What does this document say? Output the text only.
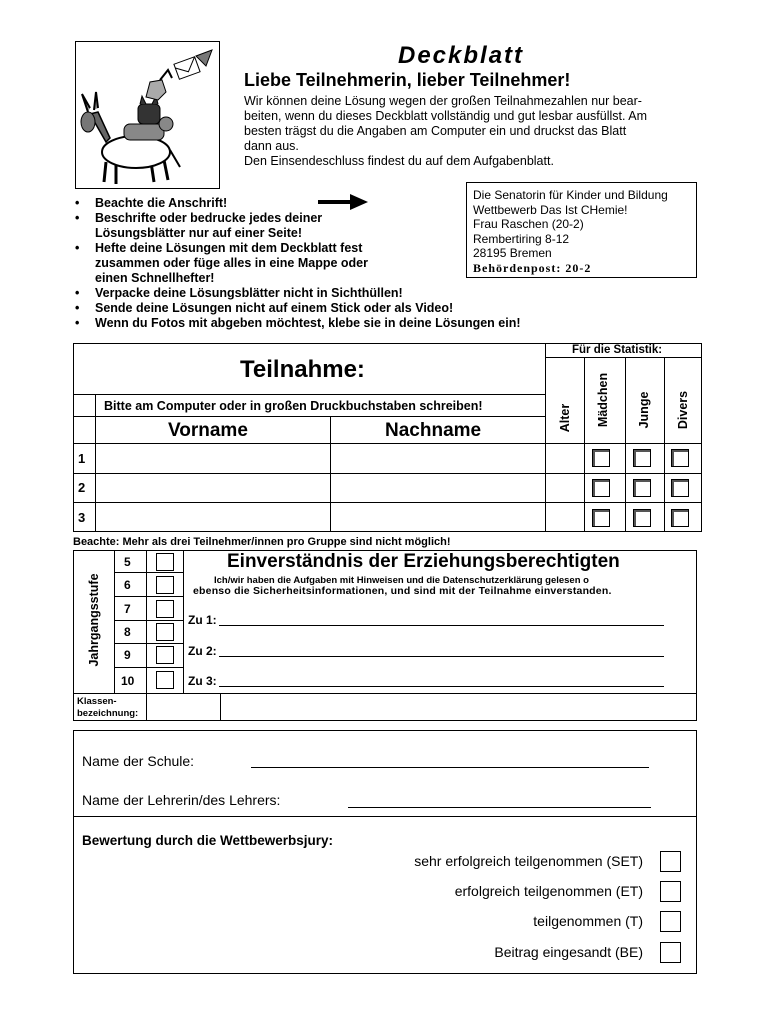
Deckblatt
Liebe Teilnehmerin, lieber Teilnehmer!
Wir können deine Lösung wegen der großen Teilnahmezahlen nur bear-
beiten, wenn du dieses Deckblatt vollständig und gut lesbar ausfüllst. Am
besten trägst du die Angaben am Computer ein und druckst das Blatt
dann aus.
Den Einsendeschluss findest du auf dem Aufgabenblatt.
• Beachte die Anschrift!
• Beschrifte oder bedrucke jedes deiner
Lösungsblätter nur auf einer Seite!
• Hefte deine Lösungen mit dem Deckblatt fest
zusammen oder füge alles in eine Mappe oder
einen Schnellhefter!
• Verpacke deine Lösungsblätter nicht in Sichthüllen!
• Sende deine Lösungen nicht auf einem Stick oder als Video!
• Wenn du Fotos mit abgeben möchtest, klebe sie in deine Lösungen ein!
Die Senatorin für Kinder und Bildung
Wettbewerb Das Ist CHemie!
Frau Raschen (20-2)
Rembertiring 8-12
28195 Bremen
Behördenpost: 20-2
Teilnahme:
Für die Statistik:
Bitte am Computer oder in großen Druckbuchstaben schreiben!
Vorname	Nachname	Alter Mädchen Junge Divers
1
2
3
Beachte: Mehr als drei Teilnehmer/innen pro Gruppe sind nicht möglich!
Jahrgangsstufe
5
6
7
8
9
10
Einverständnis der Erziehungsberechtigten
Ich/wir haben die Aufgaben mit Hinweisen und die Datenschutzerklärung gelesen o
ebenso die Sicherheitsinformationen, und sind mit der Teilnahme einverstanden.
Zu 1:
Zu 2:
Zu 3:
Klassen-
bezeichnung:
Name der Schule:
Name der Lehrerin/des Lehrers:
Bewertung durch die Wettbewerbsjury:
sehr erfolgreich teilgenommen (SET)
erfolgreich teilgenommen (ET)
teilgenommen (T)
Beitrag eingesandt (BE)
